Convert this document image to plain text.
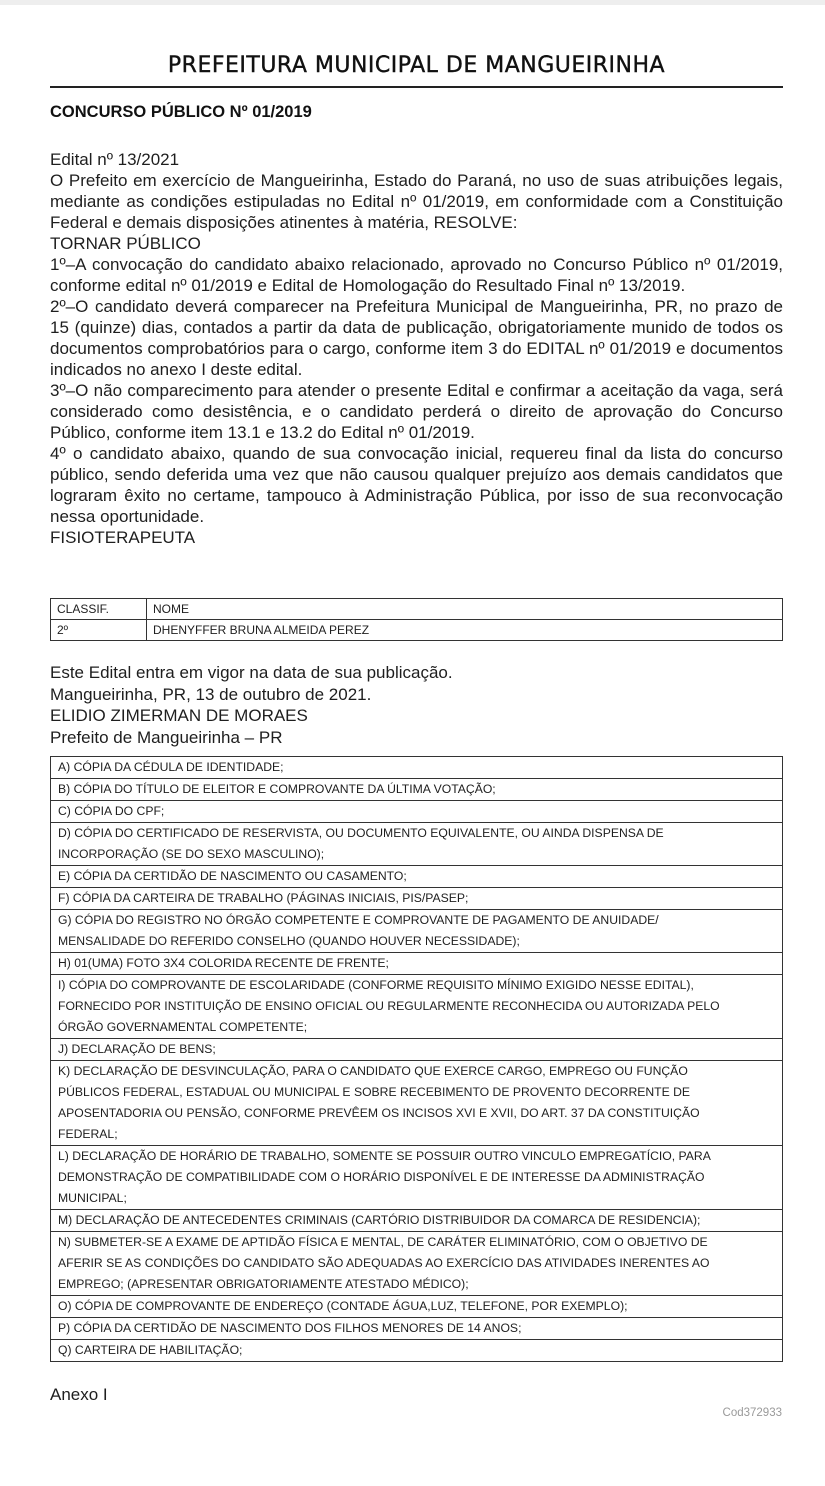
PREFEITURA MUNICIPAL DE MANGUEIRINHA
CONCURSO PÚBLICO Nº 01/2019

Edital nº 13/2021

O Prefeito em exercício de Mangueirinha, Estado do Paraná, no uso de suas atribuições legais, mediante as condições estipuladas no Edital nº 01/2019, em conformidade com a Constituição Federal e demais disposições atinentes à matéria, RESOLVE:

TORNAR PÚBLICO

1º–A convocação do candidato abaixo relacionado, aprovado no Concurso Público nº 01/2019, conforme edital nº 01/2019 e Edital de Homologação do Resultado Final nº 13/2019.

2º–O candidato deverá comparecer na Prefeitura Municipal de Mangueirinha, PR, no prazo de 15 (quinze) dias, contados a partir da data de publicação, obrigatoriamente munido de todos os documentos comprobatórios para o cargo, conforme item 3 do EDITAL nº 01/2019 e documentos indicados no anexo I deste edital.

3º–O não comparecimento para atender o presente Edital e confirmar a aceitação da vaga, será considerado como desistência, e o candidato perderá o direito de aprovação do Concurso Público, conforme item 13.1 e 13.2 do Edital nº 01/2019.

4º o candidato abaixo, quando de sua convocação inicial, requereu final da lista do concurso público, sendo deferida uma vez que não causou qualquer prejuízo aos demais candidatos que lograram êxito no certame, tampouco à Administração Pública, por isso de sua reconvocação nessa oportunidade.

FISIOTERAPEUTA

CLASSIF.	NOME
2º	DHENYFFER BRUNA ALMEIDA PEREZ
Este Edital entra em vigor na data de sua publicação.
Mangueirinha, PR, 13 de outubro de 2021.
ELIDIO ZIMERMAN DE MORAES
Prefeito de Mangueirinha – PR
A) CÓPIA DA CÉDULA DE IDENTIDADE;

B) CÓPIA DO TÍTULO DE ELEITOR E COMPROVANTE DA ÚLTIMA VOTAÇÃO;

C) CÓPIA DO CPF;

D) CÓPIA DO CERTIFICADO DE RESERVISTA, OU DOCUMENTO EQUIVALENTE, OU AINDA DISPENSA DE
INCORPORAÇÃO (SE DO SEXO MASCULINO);

E) CÓPIA DA CERTIDÃO DE NASCIMENTO OU CASAMENTO;

F) CÓPIA DA CARTEIRA DE TRABALHO (PÁGINAS INICIAIS, PIS/PASEP;

G) CÓPIA DO REGISTRO NO ÓRGÃO COMPETENTE E COMPROVANTE DE PAGAMENTO DE ANUIDADE/
MENSALIDADE DO REFERIDO CONSELHO (QUANDO HOUVER NECESSIDADE);

H) 01(UMA) FOTO 3X4 COLORIDA RECENTE DE FRENTE;

I) CÓPIA DO COMPROVANTE DE ESCOLARIDADE (CONFORME REQUISITO MÍNIMO EXIGIDO NESSE EDITAL),
FORNECIDO POR INSTITUIÇÃO DE ENSINO OFICIAL OU REGULARMENTE RECONHECIDA OU AUTORIZADA PELO
ÓRGÃO GOVERNAMENTAL COMPETENTE;

J) DECLARAÇÃO DE BENS;

K) DECLARAÇÃO DE DESVINCULAÇÃO, PARA O CANDIDATO QUE EXERCE CARGO, EMPREGO OU FUNÇÃO
PÚBLICOS FEDERAL, ESTADUAL OU MUNICIPAL E SOBRE RECEBIMENTO DE PROVENTO DECORRENTE DE
APOSENTADORIA OU PENSÃO, CONFORME PREVÊEM OS INCISOS XVI E XVII, DO ART. 37 DA CONSTITUIÇÃO
FEDERAL;

L) DECLARAÇÃO DE HORÁRIO DE TRABALHO, SOMENTE SE POSSUIR OUTRO VINCULO EMPREGATÍCIO, PARA
DEMONSTRAÇÃO DE COMPATIBILIDADE COM O HORÁRIO DISPONÍVEL E DE INTERESSE DA ADMINISTRAÇÃO
MUNICIPAL;

M) DECLARAÇÃO DE ANTECEDENTES CRIMINAIS (CARTÓRIO DISTRIBUIDOR DA COMARCA DE RESIDENCIA);

N) SUBMETER-SE A EXAME DE APTIDÃO FÍSICA E MENTAL, DE CARÁTER ELIMINATÓRIO, COM O OBJETIVO DE
AFERIR SE AS CONDIÇÕES DO CANDIDATO SÃO ADEQUADAS AO EXERCÍCIO DAS ATIVIDADES INERENTES AO
EMPREGO; (APRESENTAR OBRIGATORIAMENTE ATESTADO MÉDICO);

O) CÓPIA DE COMPROVANTE DE ENDEREÇO (CONTADE ÁGUA,LUZ, TELEFONE, POR EXEMPLO);

P) CÓPIA DA CERTIDÃO DE NASCIMENTO DOS FILHOS MENORES DE 14 ANOS;

Q) CARTEIRA DE HABILITAÇÃO;
Anexo I
Cod372933
